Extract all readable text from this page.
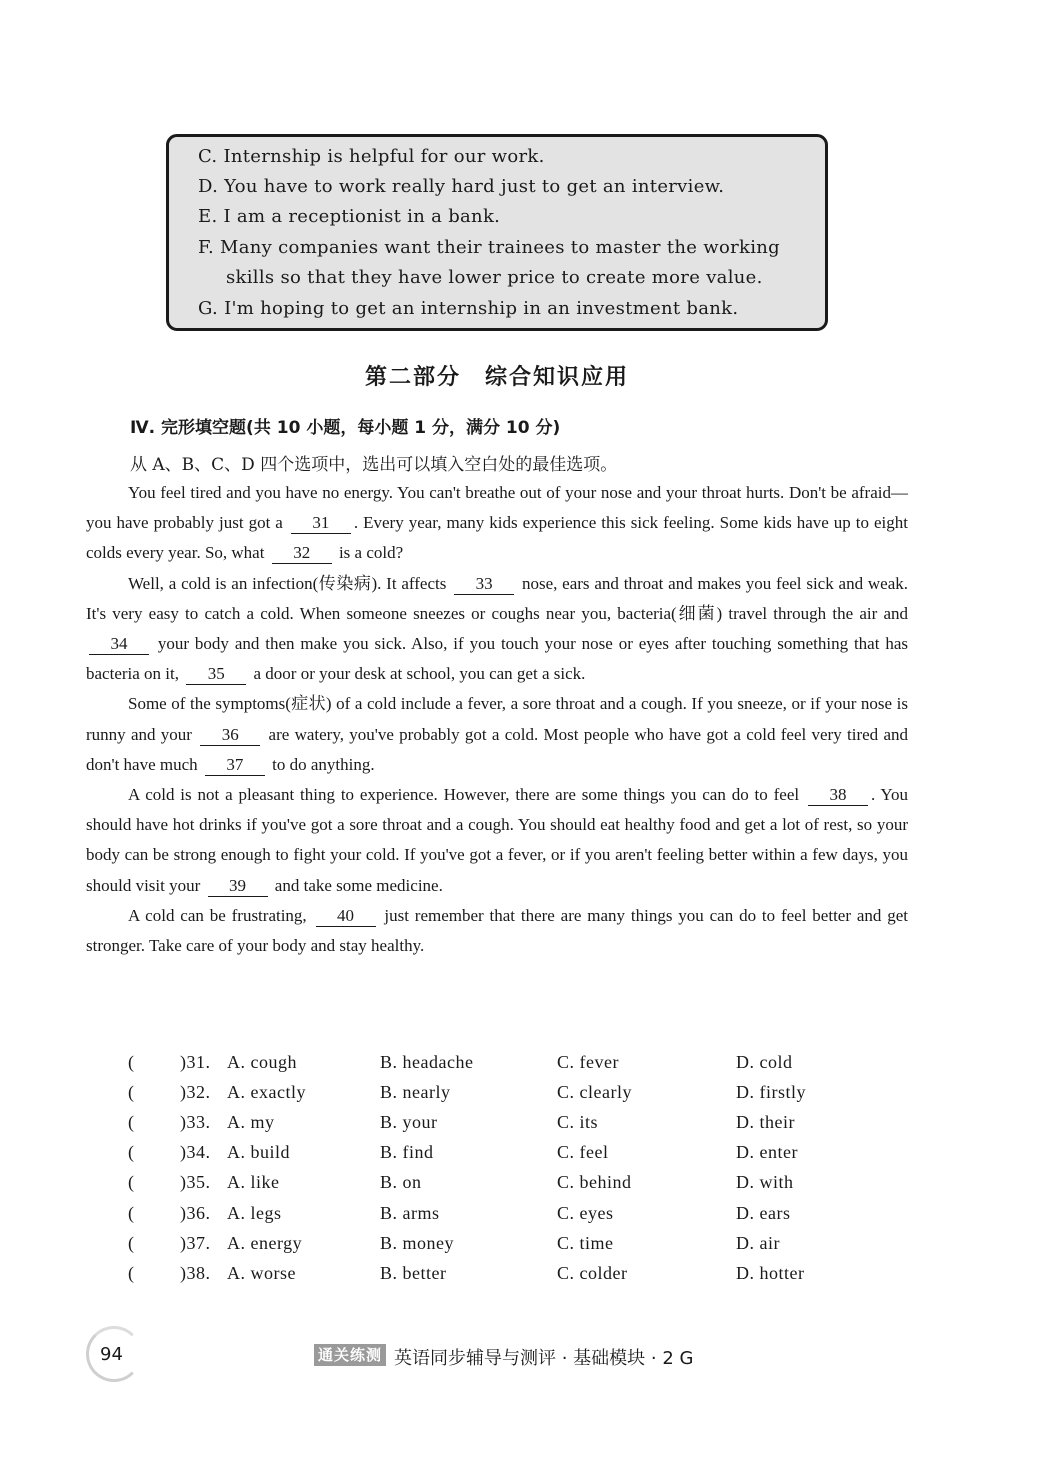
C. Internship is helpful for our work.
D. You have to work really hard just to get an interview.
E. I am a receptionist in a bank.
F. Many companies want their trainees to master the working
skills so that they have lower price to create more value.
G. I'm hoping to get an internship in an investment bank.
第二部分　综合知识应用
Ⅳ. 完形填空题(共 10 小题，每小题 1 分，满分 10 分)
从 A、B、C、D 四个选项中，选出可以填入空白处的最佳选项。

You feel tired and you have no energy. You can't breathe out of your nose and your throat hurts. Don't be afraid—you have probably just got a 31 . Every year, many kids experience this sick feeling. Some kids have up to eight colds every year. So, what 32 is a cold?

Well, a cold is an infection(传染病). It affects 33 nose, ears and throat and makes you feel sick and weak. It's very easy to catch a cold. When someone sneezes or coughs near you, bacteria(细菌) travel through the air and 34 your body and then make you sick. Also, if you touch your nose or eyes after touching something that has bacteria on it, 35 a door or your desk at school, you can get a sick.

Some of the symptoms(症状) of a cold include a fever, a sore throat and a cough. If you sneeze, or if your nose is runny and your 36 are watery, you've probably got a cold. Most people who have got a cold feel very tired and don't have much 37 to do anything.

A cold is not a pleasant thing to experience. However, there are some things you can do to feel 38 . You should have hot drinks if you've got a sore throat and a cough. You should eat healthy food and get a lot of rest, so your body can be strong enough to fight your cold. If you've got a fever, or if you aren't feeling better within a few days, you should visit your 39 and take some medicine.

A cold can be frustrating, 40 just remember that there are many things you can do to feel better and get stronger. Take care of your body and stay healthy.

(	)31. A. cough	B. headache	C. fever	D. cold
(	)32. A. exactly	B. nearly	C. clearly	D. firstly
(	)33. A. my	B. your	C. its	D. their
(	)34. A. build	B. find	C. feel	D. enter
(	)35. A. like	B. on	C. behind	D. with
(	)36. A. legs	B. arms	C. eyes	D. ears
(	)37. A. energy	B. money	C. time	D. air
(	)38. A. worse	B. better	C. colder	D. hotter
94	通关练测 英语同步辅导与测评 · 基础模块 · 2 G
